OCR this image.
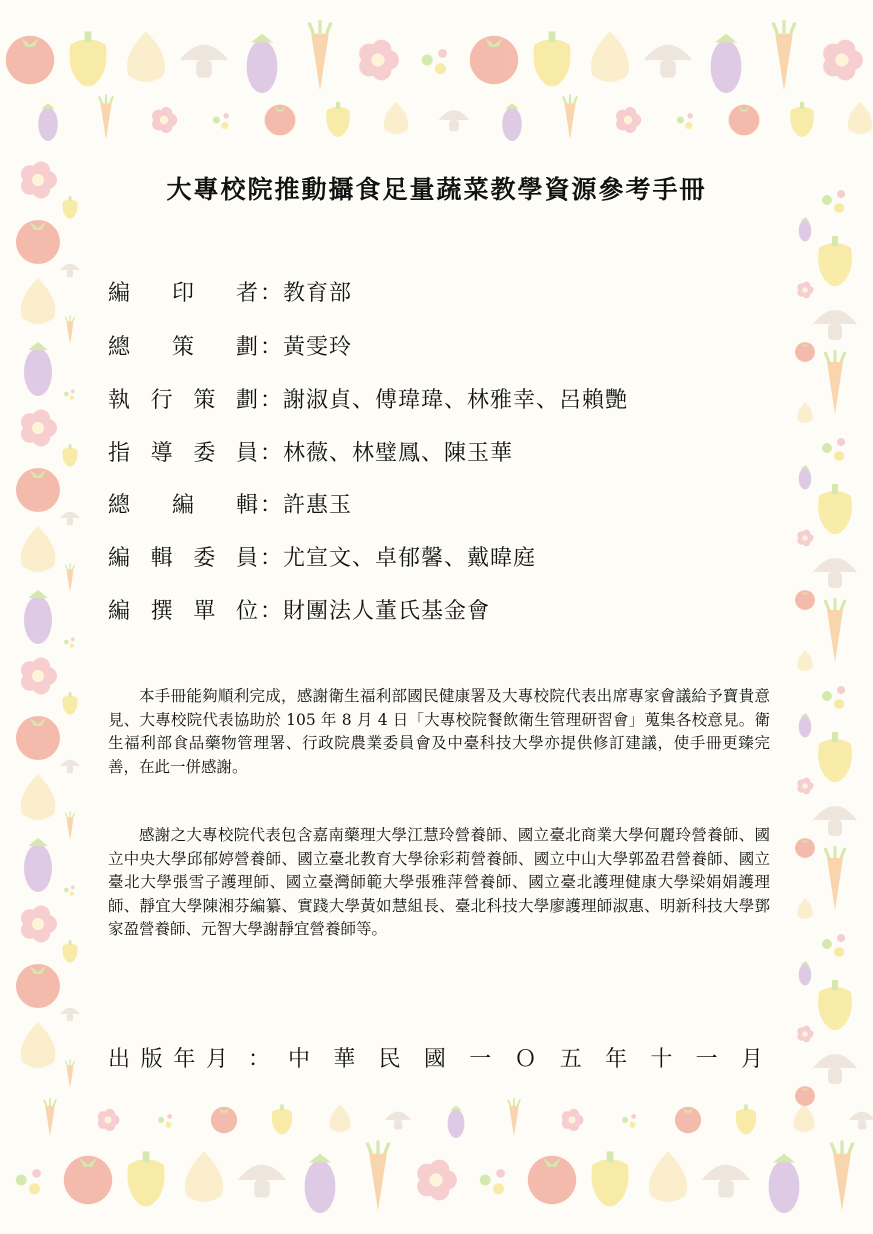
大專校院推動攝食足量蔬菜教學資源參考手冊
編 印 者 ： 教育部
總 策 劃 ： 黃雯玲
執 行 策 劃 ： 謝淑貞、傅瑋瑋、林雅幸、呂賴艷
指 導 委 員 ： 林薇、林璧鳳、陳玉華
總 編 輯 ： 許惠玉
編 輯 委 員 ： 尤宣文、卓郁馨、戴暐庭
編 撰 單 位 ： 財團法人董氏基金會

本手冊能夠順利完成，感謝衛生福利部國民健康署及大專校院代表出席專家會議給予寶貴意見、大專校院代表協助於 105 年 8 月 4 日「大專校院餐飲衛生管理研習會」蒐集各校意見。衛生福利部食品藥物管理署、行政院農業委員會及中臺科技大學亦提供修訂建議，使手冊更臻完善，在此一併感謝。

感謝之大專校院代表包含嘉南藥理大學江慧玲營養師、國立臺北商業大學何麗玲營養師、國立中央大學邱郁婷營養師、國立臺北教育大學徐彩莉營養師、國立中山大學郭盈君營養師、國立臺北大學張雪子護理師、國立臺灣師範大學張雅萍營養師、國立臺北護理健康大學梁娟娟護理師、靜宜大學陳湘芬編纂、實踐大學黃如慧組長、臺北科技大學廖護理師淑惠、明新科技大學鄧家盈營養師、元智大學謝靜宜營養師等。

出 版 年 月 ： 中 華 民 國 一 Ｏ 五 年 十 一 月
